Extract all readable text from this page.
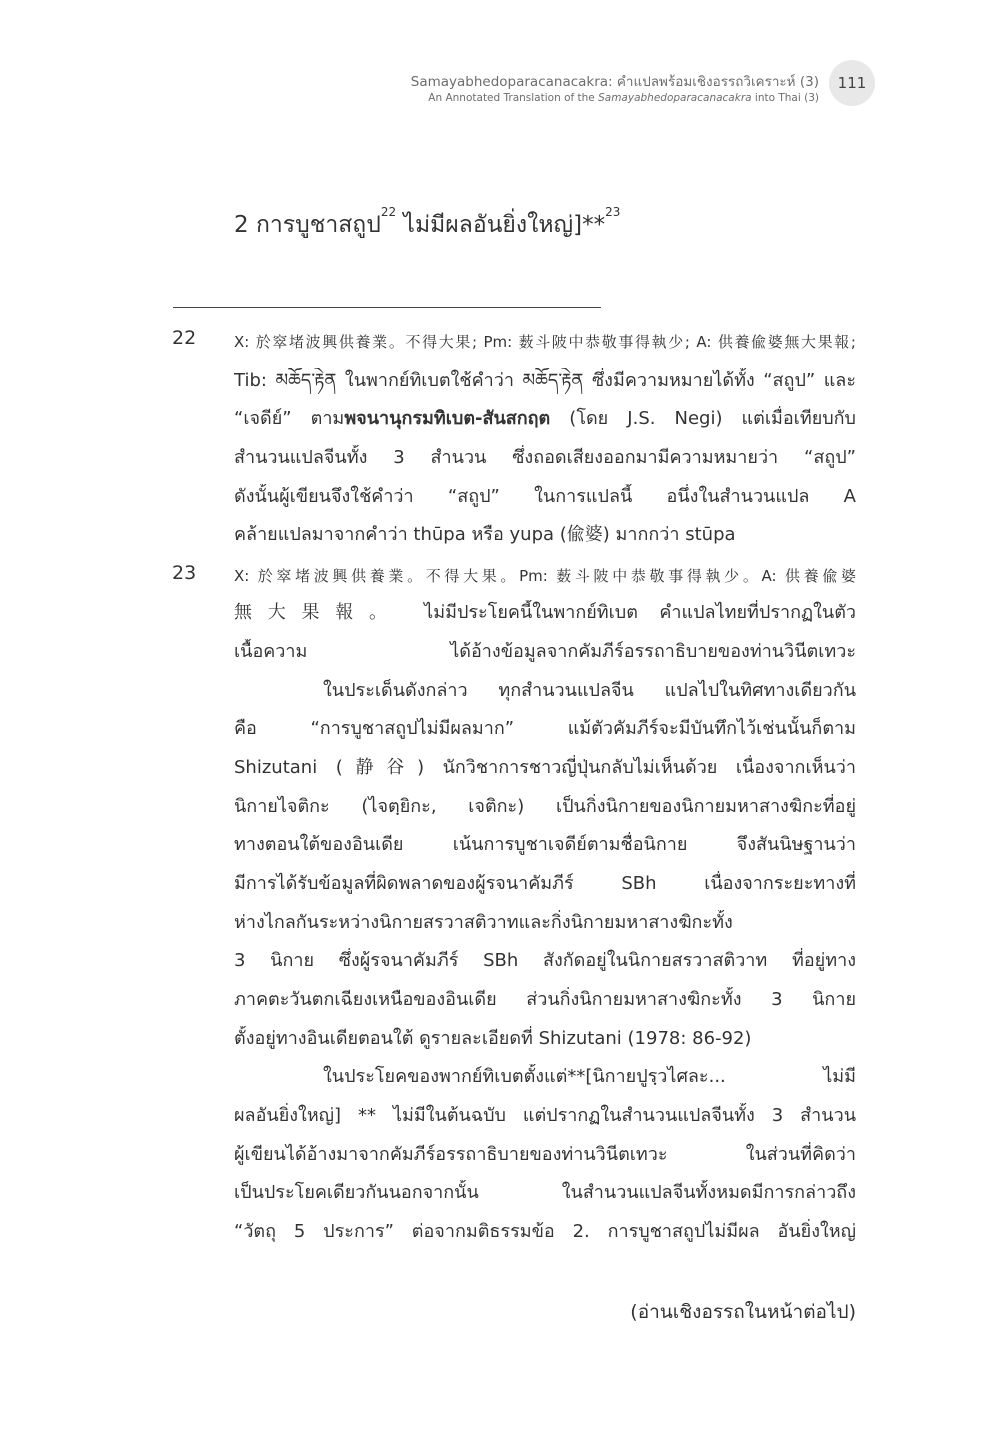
Samayabhedoparacanacakra: คำแปลพร้อมเชิงอรรถวิเคราะห์ (3)
An Annotated Translation of the Samayabhedoparacanacakra into Thai (3)
111
2 การบูชาสถูป$^{22}$ ไม่มีผลอันยิ่งใหญ่]**$^{23}$
22	X: 於窣堵波興供養業。不得大果; Pm: 薮斗陂中恭敬事得執少; A: 供養偸婆無大果報;
Tib: མཆོད་རྟེན ในพากย์ทิเบตใช้คำว่า མཆོད་རྟེན ซึ่งมีความหมายได้ทั้ง “สถูป” และ
“เจดีย์” ตามพจนานุกรมทิเบต-สันสกฤต (โดย J.S. Negi) แต่เมื่อเทียบกับ
สำนวนแปลจีนทั้ง 3 สำนวน ซึ่งถอดเสียงออกมามีความหมายว่า “สถูป”
ดังนั้นผู้เขียนจึงใช้คำว่า “สถูป” ในการแปลนี้ อนึ่งในสำนวนแปล A
คล้ายแปลมาจากคำว่า thūpa หรือ yupa (偸婆) มากกว่า stūpa
23	X: 於窣堵波興供養業。不得大果。Pm: 薮斗陂中恭敬事得執少。A: 供養偸婆
無大果報。 ไม่มีประโยคนี้ในพากย์ทิเบต คำแปลไทยที่ปรากฏในตัว
เนื้อความ ได้อ้างข้อมูลจากคัมภีร์อรรถาธิบายของท่านวินีตเทวะ
ในประเด็นดังกล่าว ทุกสำนวนแปลจีน แปลไปในทิศทางเดียวกัน
คือ “การบูชาสถูปไม่มีผลมาก” แม้ตัวคัมภีร์จะมีบันทึกไว้เช่นนั้นก็ตาม
Shizutani (静谷) นักวิชาการชาวญี่ปุ่นกลับไม่เห็นด้วย เนื่องจากเห็นว่า
นิกายไจติกะ (ไจตฺยิกะ, เจติกะ) เป็นกิ่งนิกายของนิกายมหาสางฆิกะที่อยู่
ทางตอนใต้ของอินเดีย เน้นการบูชาเจดีย์ตามชื่อนิกาย จึงสันนิษฐานว่า
มีการได้รับข้อมูลที่ผิดพลาดของผู้รจนาคัมภีร์ SBh เนื่องจากระยะทางที่
ห่างไกลกันระหว่างนิกายสรวาสติวาทและกิ่งนิกายมหาสางฆิกะทั้ง
3 นิกาย ซึ่งผู้รจนาคัมภีร์ SBh สังกัดอยู่ในนิกายสรวาสติวาท ที่อยู่ทาง
ภาคตะวันตกเฉียงเหนือของอินเดีย ส่วนกิ่งนิกายมหาสางฆิกะทั้ง 3 นิกาย
ตั้งอยู่ทางอินเดียตอนใต้ ดูรายละเอียดที่ Shizutani (1978: 86-92)
ในประโยคของพากย์ทิเบตตั้งแต่**[นิกายปูรฺวไศละ... ไม่มี
ผลอันยิ่งใหญ่] ** ไม่มีในต้นฉบับ แต่ปรากฏในสำนวนแปลจีนทั้ง 3 สำนวน
ผู้เขียนได้อ้างมาจากคัมภีร์อรรถาธิบายของท่านวินีตเทวะ ในส่วนที่คิดว่า
เป็นประโยคเดียวกันนอกจากนั้น ในสำนวนแปลจีนทั้งหมดมีการกล่าวถึง
“วัตถุ 5 ประการ” ต่อจากมติธรรมข้อ 2. การบูชาสถูปไม่มีผล อันยิ่งใหญ่
(อ่านเชิงอรรถในหน้าต่อไป)
